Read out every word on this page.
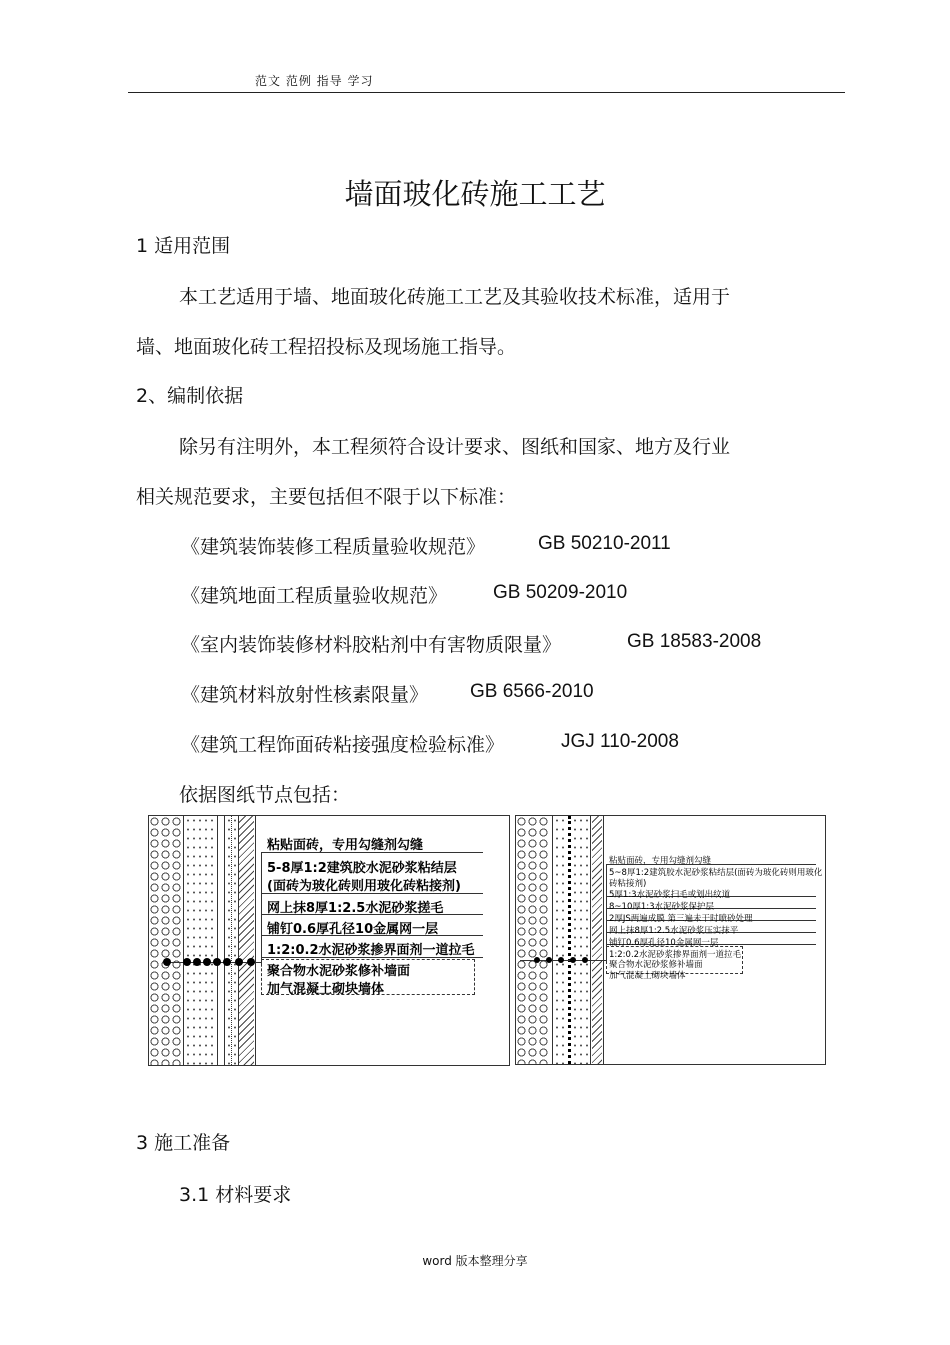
范文 范例 指导 学习
墙面玻化砖施工工艺
1 适用范围
本工艺适用于墙、地面玻化砖施工工艺及其验收技术标准，适用于
墙、地面玻化砖工程招投标及现场施工指导。
2、编制依据
除另有注明外，本工程须符合设计要求、图纸和国家、地方及行业
相关规范要求，主要包括但不限于以下标准：
《建筑装饰装修工程质量验收规范》	GB 50210-2011
《建筑地面工程质量验收规范》 GB 50209-2010
《室内装饰装修材料胶粘剂中有害物质限量》	GB 18583-2008
《建筑材料放射性核素限量》 GB 6566-2010
《建筑工程饰面砖粘接强度检验标准》	JGJ 110-2008
依据图纸节点包括：
粘贴面砖，专用勾缝剂勾缝
5-8厚1:2建筑胶水泥砂浆粘结层
(面砖为玻化砖则用玻化砖粘接剂)
网上抹8厚1:2.5水泥砂浆搓毛
铺钉0.6厚孔径10金属网一层
1:2:0.2水泥砂浆掺界面剂一道拉毛
聚合物水泥砂浆修补墙面
加气混凝土砌块墙体
粘贴面砖，专用勾缝剂勾缝
5~8厚1:2建筑胶水泥砂浆粘结层(面砖为玻化砖则用玻化
砖粘接剂)
5厚1:3水泥砂浆扫毛或划出纹道
8~10厚1:3水泥砂浆保护层
2厚JS两遍成膜 第三遍未干时喷砂处理
网上抹8厚1:2.5水泥砂浆压实抹平
铺钉0.6厚孔径10金属网一层
1:2:0.2水泥砂浆掺界面剂一道拉毛
聚合物水泥砂浆修补墙面
加气混凝土砌块墙体
3 施工准备
3.1 材料要求
word 版本整理分享
